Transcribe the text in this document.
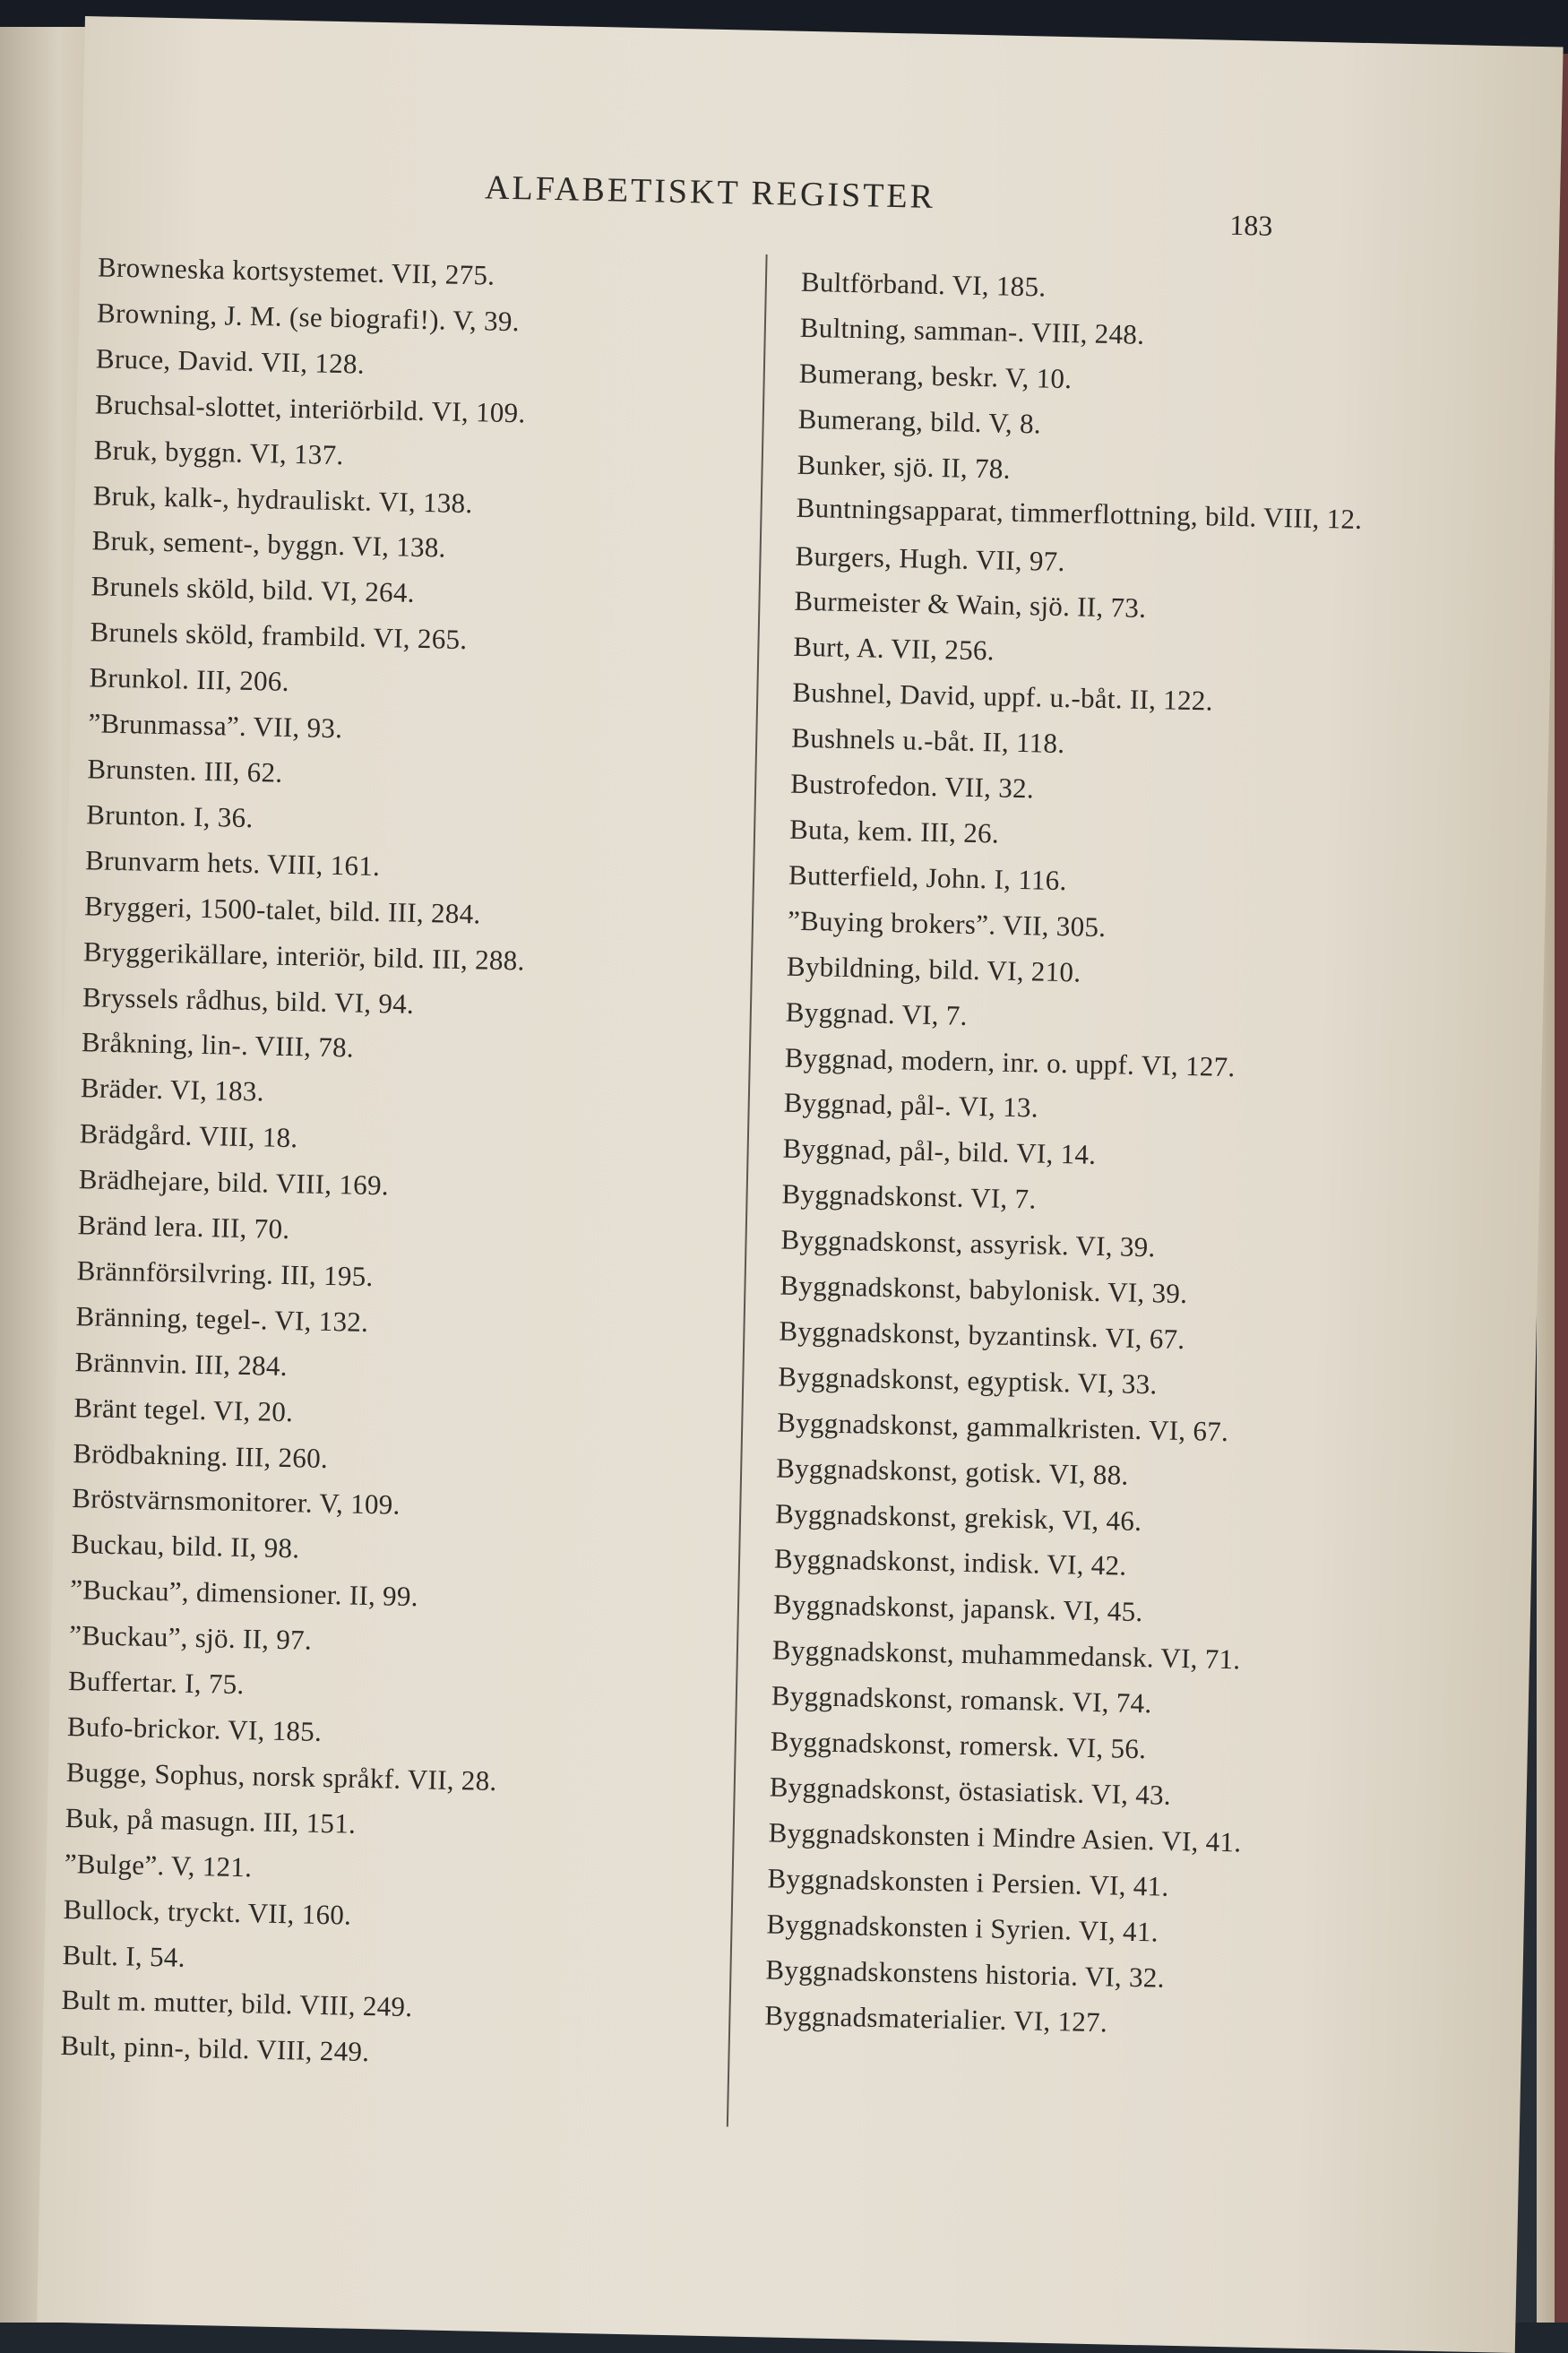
ALFABETISKT REGISTER
183
Browneska kortsystemet. VII, 275.
Browning, J. M. (se biografi!). V, 39.
Bruce, David. VII, 128.
Bruchsal-slottet, interiörbild. VI, 109.
Bruk, byggn. VI, 137.
Bruk, kalk-, hydrauliskt. VI, 138.
Bruk, sement-, byggn. VI, 138.
Brunels sköld, bild. VI, 264.
Brunels sköld, frambild. VI, 265.
Brunkol. III, 206.
”Brunmassa”. VII, 93.
Brunsten. III, 62.
Brunton. I, 36.
Brunvarm hets. VIII, 161.
Bryggeri, 1500-talet, bild. III, 284.
Bryggerikällare, interiör, bild. III, 288.
Bryssels rådhus, bild. VI, 94.
Bråkning, lin-. VIII, 78.
Bräder. VI, 183.
Brädgård. VIII, 18.
Brädhejare, bild. VIII, 169.
Bränd lera. III, 70.
Brännförsilvring. III, 195.
Bränning, tegel-. VI, 132.
Brännvin. III, 284.
Bränt tegel. VI, 20.
Brödbakning. III, 260.
Bröstvärnsmonitorer. V, 109.
Buckau, bild. II, 98.
”Buckau”, dimensioner. II, 99.
”Buckau”, sjö. II, 97.
Buffertar. I, 75.
Bufo-brickor. VI, 185.
Bugge, Sophus, norsk språkf. VII, 28.
Buk, på masugn. III, 151.
”Bulge”. V, 121.
Bullock, tryckt. VII, 160.
Bult. I, 54.
Bult m. mutter, bild. VIII, 249.
Bult, pinn-, bild. VIII, 249.
Bultförband. VI, 185.
Bultning, samman-. VIII, 248.
Bumerang, beskr. V, 10.
Bumerang, bild. V, 8.
Bunker, sjö. II, 78.
Buntningsapparat, timmerflottning, bild. VIII, 12.
Burgers, Hugh. VII, 97.
Burmeister & Wain, sjö. II, 73.
Burt, A. VII, 256.
Bushnel, David, uppf. u.-båt. II, 122.
Bushnels u.-båt. II, 118.
Bustrofedon. VII, 32.
Buta, kem. III, 26.
Butterfield, John. I, 116.
”Buying brokers”. VII, 305.
Bybildning, bild. VI, 210.
Byggnad. VI, 7.
Byggnad, modern, inr. o. uppf. VI, 127.
Byggnad, pål-. VI, 13.
Byggnad, pål-, bild. VI, 14.
Byggnadskonst. VI, 7.
Byggnadskonst, assyrisk. VI, 39.
Byggnadskonst, babylonisk. VI, 39.
Byggnadskonst, byzantinsk. VI, 67.
Byggnadskonst, egyptisk. VI, 33.
Byggnadskonst, gammalkristen. VI, 67.
Byggnadskonst, gotisk. VI, 88.
Byggnadskonst, grekisk, VI, 46.
Byggnadskonst, indisk. VI, 42.
Byggnadskonst, japansk. VI, 45.
Byggnadskonst, muhammedansk. VI, 71.
Byggnadskonst, romansk. VI, 74.
Byggnadskonst, romersk. VI, 56.
Byggnadskonst, östasiatisk. VI, 43.
Byggnadskonsten i Mindre Asien. VI, 41.
Byggnadskonsten i Persien. VI, 41.
Byggnadskonsten i Syrien. VI, 41.
Byggnadskonstens historia. VI, 32.
Byggnadsmaterialier. VI, 127.
